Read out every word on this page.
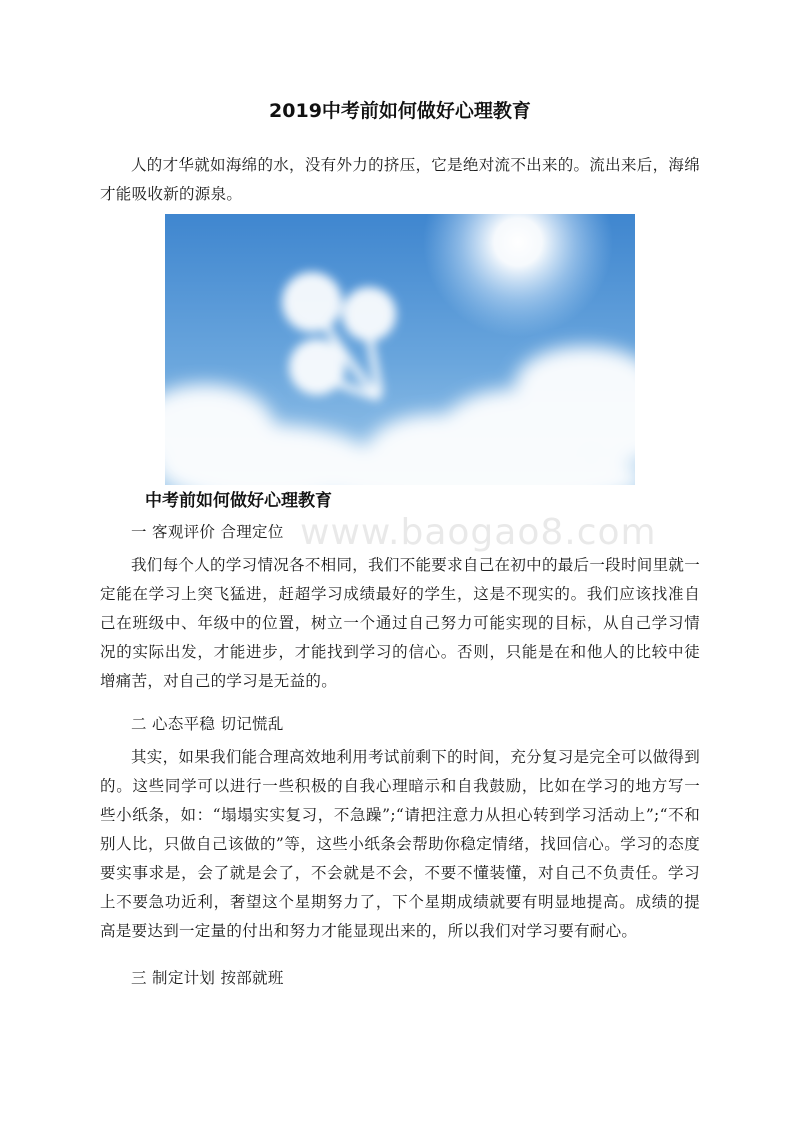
2019中考前如何做好心理教育

人的才华就如海绵的水，没有外力的挤压，它是绝对流不出来的。流出来后，海绵才能吸收新的源泉。

中考前如何做好心理教育
www.baogao8.com
一 客观评价 合理定位

我们每个人的学习情况各不相同，我们不能要求自己在初中的最后一段时间里就一定能在学习上突飞猛进，赶超学习成绩最好的学生，这是不现实的。我们应该找准自己在班级中、年级中的位置，树立一个通过自己努力可能实现的目标，从自己学习情况的实际出发，才能进步，才能找到学习的信心。否则，只能是在和他人的比较中徒增痛苦，对自己的学习是无益的。

二 心态平稳 切记慌乱

其实，如果我们能合理高效地利用考试前剩下的时间，充分复习是完全可以做得到的。这些同学可以进行一些积极的自我心理暗示和自我鼓励，比如在学习的地方写一些小纸条，如：“塌塌实实复习，不急躁”;“请把注意力从担心转到学习活动上”;“不和别人比，只做自己该做的”等，这些小纸条会帮助你稳定情绪，找回信心。学习的态度要实事求是，会了就是会了，不会就是不会，不要不懂装懂，对自己不负责任。学习上不要急功近利，奢望这个星期努力了，下个星期成绩就要有明显地提高。成绩的提高是要达到一定量的付出和努力才能显现出来的，所以我们对学习要有耐心。

三 制定计划 按部就班
